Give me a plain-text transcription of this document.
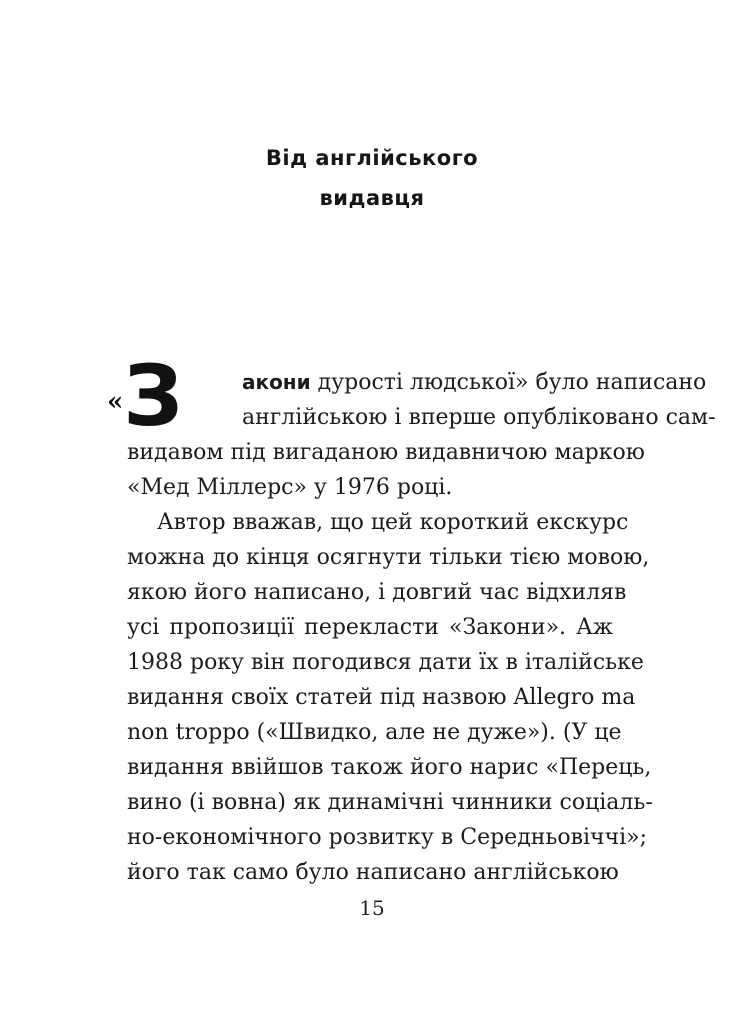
Від англійського
видавця
«З	акони дурості людської» було написано
англійською і вперше опубліковано сам-
видавом під вигаданою видавничою маркою
«Мед Міллерс» у 1976 році.
Автор вважав, що цей короткий екскурс
можна до кінця осягнути тільки тією мовою,
якою його написано, і довгий час відхиляв
усі пропозиції перекласти «Закони». Аж
1988 року він погодився дати їх в італійське
видання своїх статей під назвою Allegro ma
non troppo («Швидко, але не дуже»). (У це
видання ввійшов також його нарис «Перець,
вино (і вовна) як динамічні чинники соціаль-
но-економічного розвитку в Середньовіччі»;
його так само було написано англійською
15
